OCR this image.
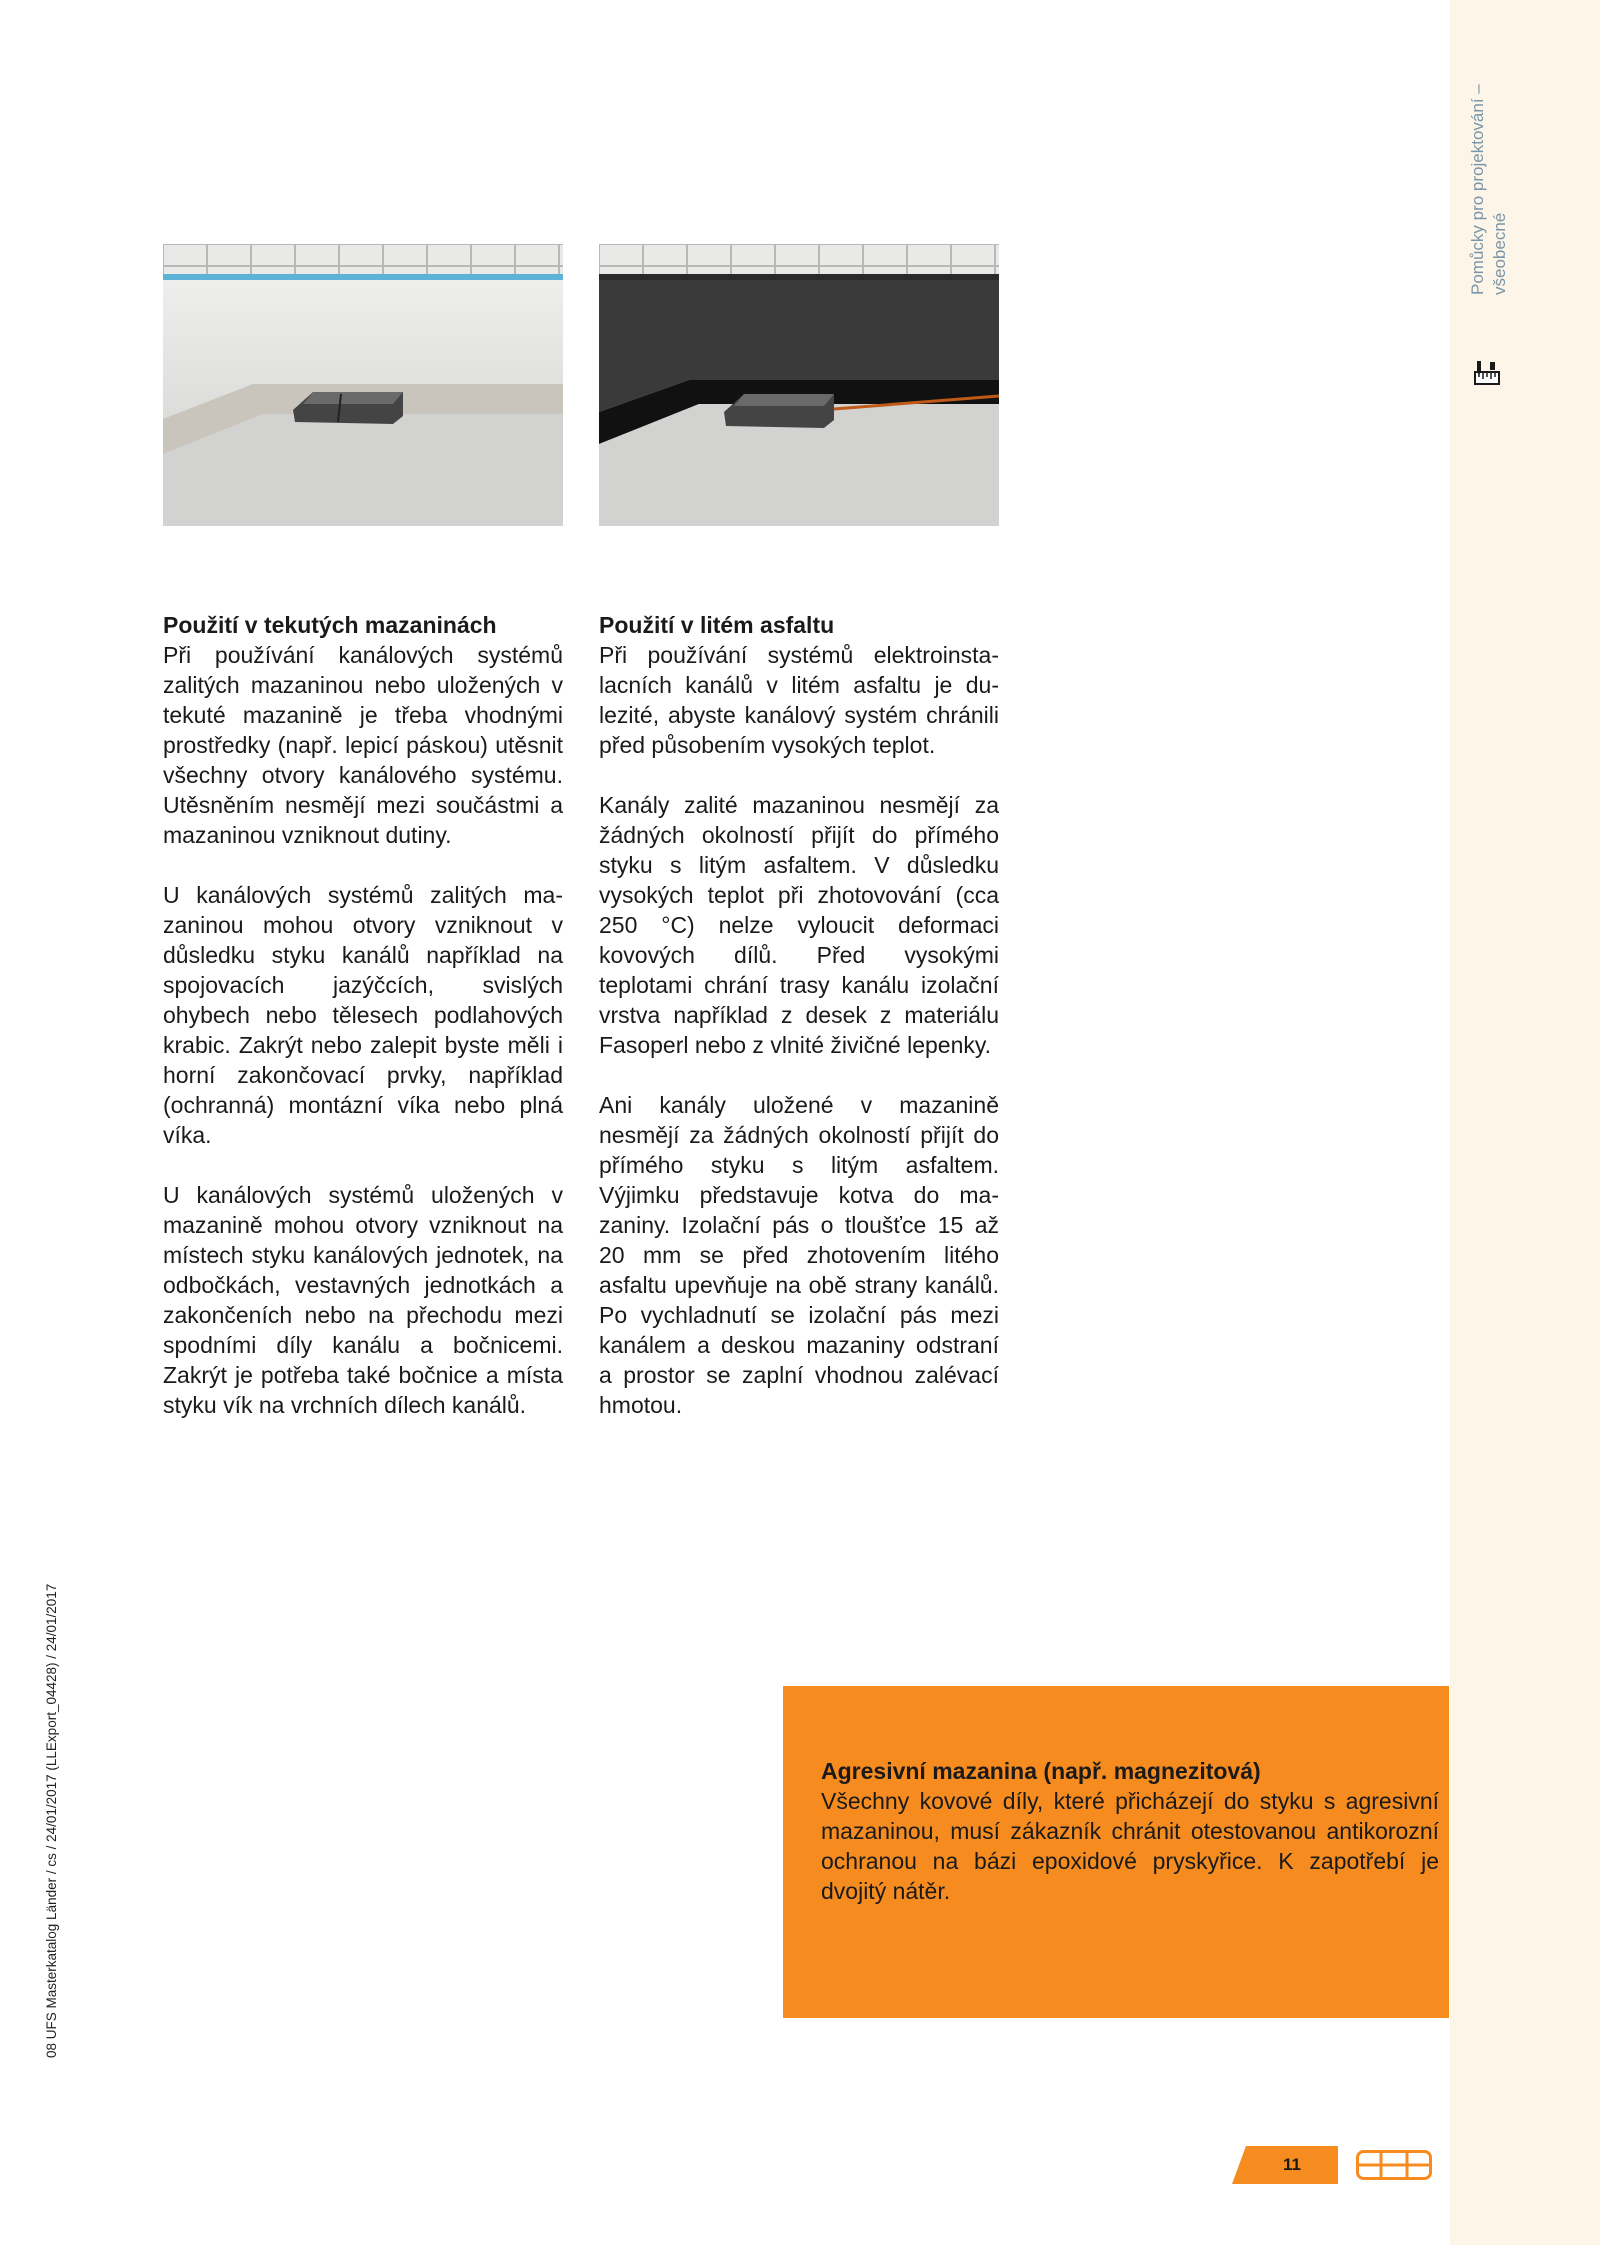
Pomůcky pro projektování – všeobecné
08 UFS Masterkatalog Länder / cs / 24/01/2017 (LLExport_04428) / 24/01/2017
Použití v tekutých mazaninách

Při používání kanálových systémů zalitých mazaninou nebo uložených v tekuté mazanině je třeba vhodnými prostředky (např. lepicí páskou) utěsnit všechny otvory kanálového systému. Utěsněním nesmějí mezi součástmi a mazaninou vzniknout dutiny.

U kanálových systémů zalitých mazaninou mohou otvory vzniknout v důsledku styku kanálů například na spojovacích jazýčcích, svislých ohybech nebo tělesech podlahových krabic. Zakrýt nebo zalepit byste měli i horní zakončovací prvky, například (ochranná) montázní víka nebo plná víka.

U kanálových systémů uložených v mazanině mohou otvory vzniknout na místech styku kanálových jednotek, na odbočkách, vestavných jednotkách a zakončeních nebo na přechodu mezi spodními díly kanálu a bočnicemi. Zakrýt je potřeba také bočnice a místa styku vík na vrchních dílech kanálů.

Použití v litém asfaltu

Při používání systémů elektroinstalacních kanálů v litém asfaltu je dulezité, abyste kanálový systém chránili před působením vysokých teplot.

Kanály zalité mazaninou nesmějí za žádných okolností přijít do přímého styku s litým asfaltem. V důsledku vysokých teplot při zhotovování (cca 250 °C) nelze vyloucit deformaci kovových dílů. Před vysokými teplotami chrání trasy kanálu izolační vrstva například z desek z materiálu Fasoperl nebo z vlnité živičné lepenky.

Ani kanály uložené v mazanině nesmějí za žádných okolností přijít do přímého styku s litým asfaltem. Výjimku představuje kotva do mazaniny. Izolační pás o tloušťce 15 až 20 mm se před zhotovením litého asfaltu upevňuje na obě strany kanálů. Po vychladnutí se izolační pás mezi kanálem a deskou mazaniny odstraní a prostor se zaplní vhodnou zalévací hmotou.

Agresivní mazanina (např. magnezitová)

Všechny kovové díly, které přicházejí do styku s agresivní mazaninou, musí zákazník chránit otestovanou antikorozní ochranou na bázi epoxidové pryskyřice. K zapotřebí je dvojitý nátěr.

11
